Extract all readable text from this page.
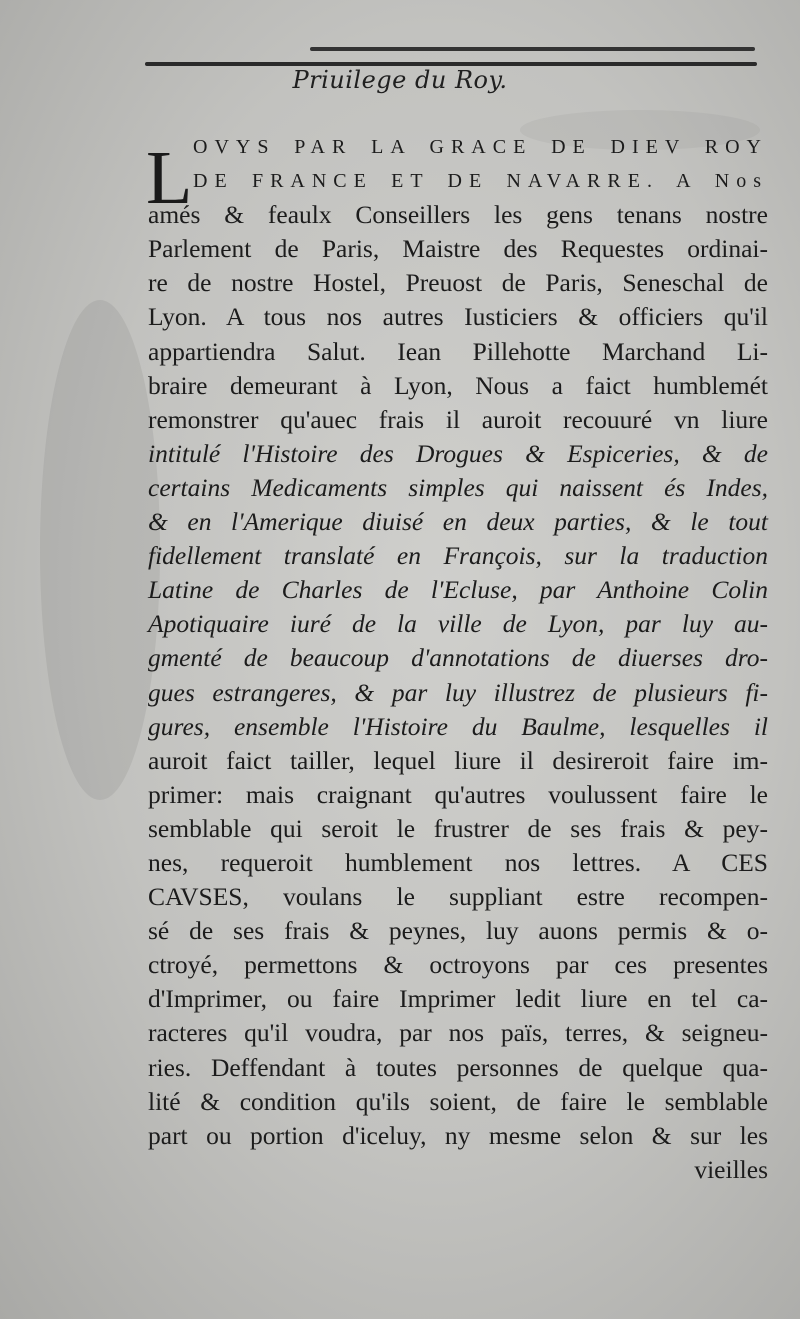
Priuilege du Roy.
L OVYS PAR LA GRACE DE DIEV ROY
DE FRANCE ET DE NAVARRE. A Nos
amés & feaulx Conseillers les gens tenans nostre
Parlement de Paris, Maistre des Requestes ordinai-
re de nostre Hostel, Preuost de Paris, Seneschal de
Lyon. A tous nos autres Iusticiers & officiers qu'il
appartiendra Salut. Iean Pillehotte Marchand Li-
braire demeurant à Lyon, Nous a faict humblemét
remonstrer qu'auec frais il auroit recouuré vn liure
intitulé l'Histoire des Drogues & Espiceries, & de
certains Medicaments simples qui naissent és Indes,
& en l'Amerique diuisé en deux parties, & le tout
fidellement translaté en François, sur la traduction
Latine de Charles de l'Ecluse, par Anthoine Colin
Apotiquaire iuré de la ville de Lyon, par luy au-
gmenté de beaucoup d'annotations de diuerses dro-
gues estrangeres, & par luy illustrez de plusieurs fi-
gures, ensemble l'Histoire du Baulme, lesquelles il
auroit faict tailler, lequel liure il desireroit faire im-
primer: mais craignant qu'autres voulussent faire le
semblable qui seroit le frustrer de ses frais & pey-
nes, requeroit humblement nos lettres. A CES
CAVSES, voulans le suppliant estre recompen-
sé de ses frais & peynes, luy auons permis & o-
ctroyé, permettons & octroyons par ces presentes
d'Imprimer, ou faire Imprimer ledit liure en tel ca-
racteres qu'il voudra, par nos païs, terres, & seigneu-
ries. Deffendant à toutes personnes de quelque qua-
lité & condition qu'ils soient, de faire le semblable
part ou portion d'iceluy, ny mesme selon & sur les
vieilles
